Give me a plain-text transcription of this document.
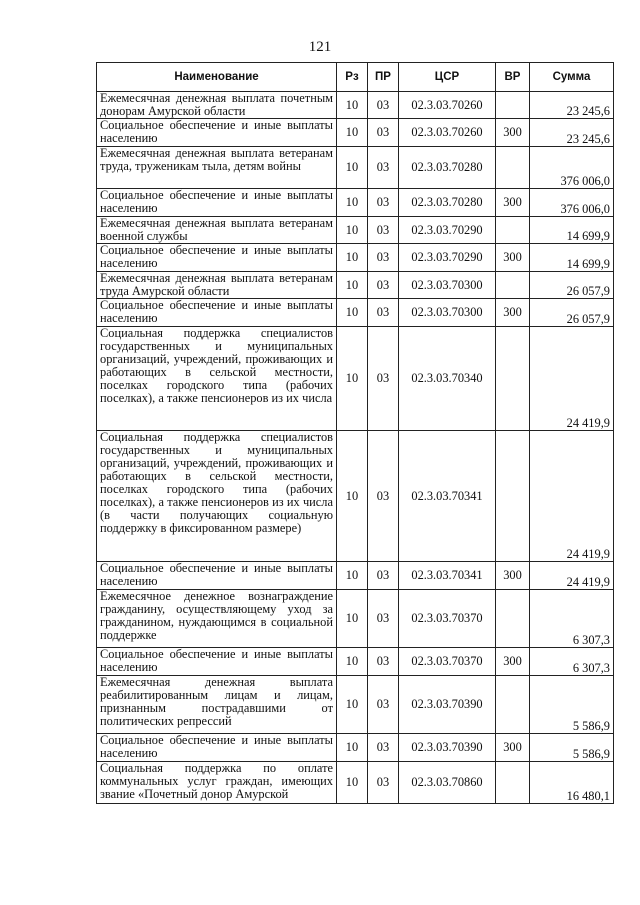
121
Наименование	Рз	ПР	ЦСР	ВР	Сумма
Ежемесячная денежная выплата почетным донорам Амурской области	10	03	02.3.03.70260		23 245,6
Социальное обеспечение и иные выплаты населению	10	03	02.3.03.70260	300	23 245,6
Ежемесячная денежная выплата ветеранам труда, труженикам тыла, детям войны	10	03	02.3.03.70280		376 006,0
Социальное обеспечение и иные выплаты населению	10	03	02.3.03.70280	300	376 006,0
Ежемесячная денежная выплата ветеранам военной службы	10	03	02.3.03.70290		14 699,9
Социальное обеспечение и иные выплаты населению	10	03	02.3.03.70290	300	14 699,9
Ежемесячная денежная выплата ветеранам труда Амурской области	10	03	02.3.03.70300		26 057,9
Социальное обеспечение и иные выплаты населению	10	03	02.3.03.70300	300	26 057,9
Социальная поддержка специалистов государственных и муниципальных организаций, учреждений, проживающих и работающих в сельской местности, поселках городского типа (рабочих поселках), а также пенсионеров из их числа	10	03	02.3.03.70340		24 419,9
Социальная поддержка специалистов государственных и муниципальных организаций, учреждений, проживающих и работающих в сельской местности, поселках городского типа (рабочих поселках), а также пенсионеров из их числа (в части получающих социальную поддержку в фиксированном размере)	10	03	02.3.03.70341		24 419,9
Социальное обеспечение и иные выплаты населению	10	03	02.3.03.70341	300	24 419,9
Ежемесячное денежное вознаграждение гражданину, осуществляющему уход за гражданином, нуждающимся в социальной поддержке	10	03	02.3.03.70370		6 307,3
Социальное обеспечение и иные выплаты населению	10	03	02.3.03.70370	300	6 307,3
Ежемесячная денежная выплата реабилитированным лицам и лицам, признанным пострадавшими от политических репрессий	10	03	02.3.03.70390		5 586,9
Социальное обеспечение и иные выплаты населению	10	03	02.3.03.70390	300	5 586,9
Социальная поддержка по оплате коммунальных услуг граждан, имеющих звание «Почетный донор Амурской	10	03	02.3.03.70860		16 480,1
